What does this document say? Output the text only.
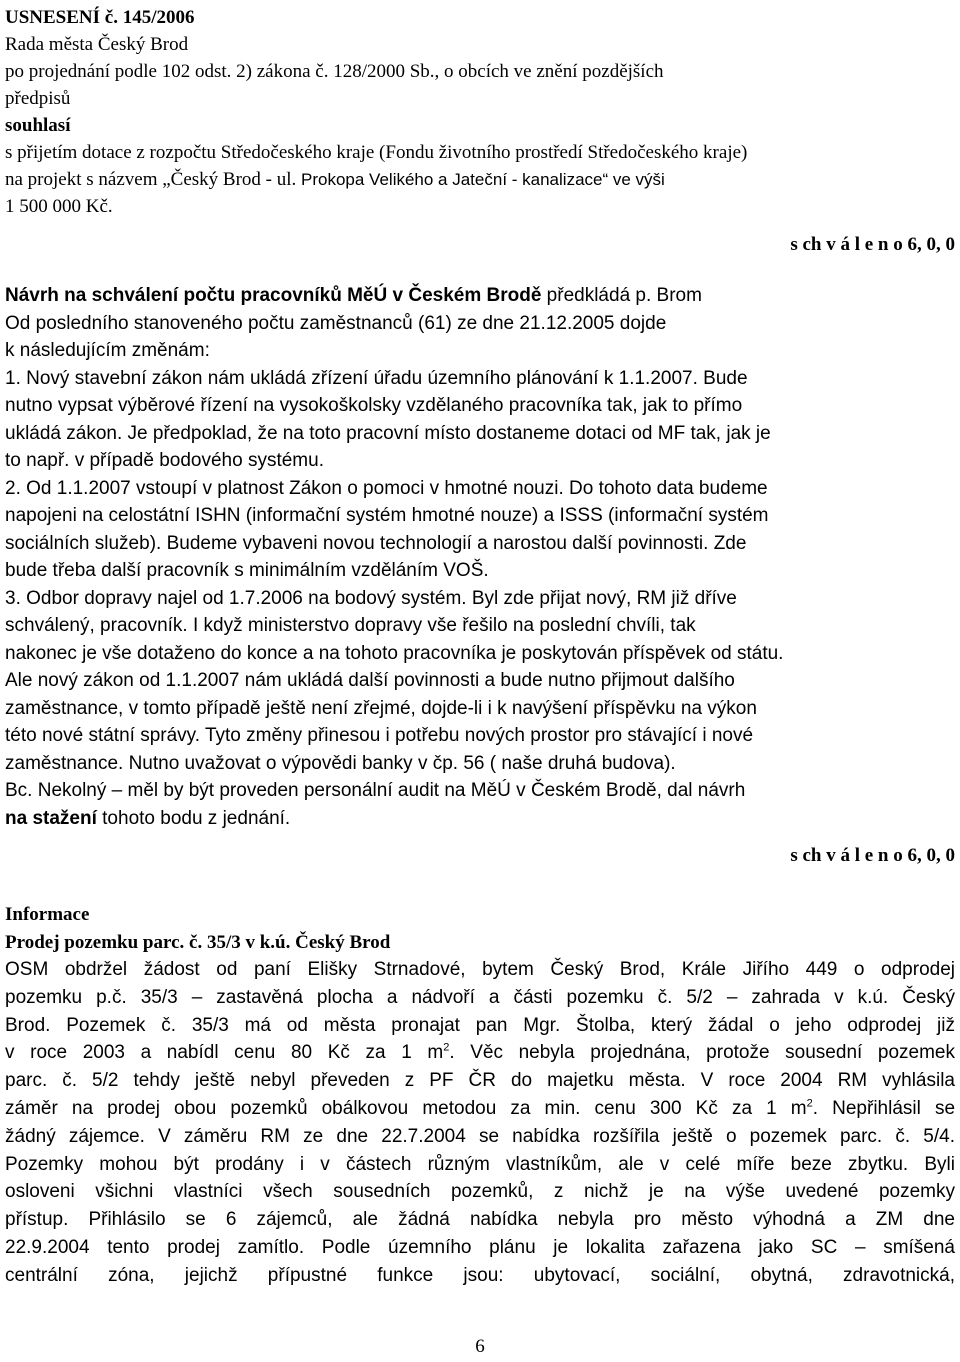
USNESENÍ č. 145/2006
Rada města Český Brod
po projednání podle 102 odst. 2) zákona č. 128/2000 Sb., o obcích ve znění pozdějších
předpisů
souhlasí
s přijetím dotace z rozpočtu Středočeského kraje (Fondu životního prostředí Středočeského kraje)
na projekt s názvem „Český Brod - ul. Prokopa Velikého a Jateční - kanalizace“ ve výši
1 500 000 Kč.
s ch v á l e n o 6, 0, 0
Návrh na schválení počtu pracovníků MěÚ v Českém Brodě předkládá p. Brom
Od posledního stanoveného počtu zaměstnanců (61) ze dne 21.12.2005 dojde
k následujícím změnám:
1. Nový stavební zákon nám ukládá zřízení úřadu územního plánování k 1.1.2007. Bude
nutno vypsat výběrové řízení na vysokoškolsky vzdělaného pracovníka tak, jak to přímo
ukládá zákon. Je předpoklad, že na toto pracovní místo dostaneme dotaci od MF tak, jak je
to např. v případě bodového systému.
2. Od 1.1.2007 vstoupí v platnost Zákon o pomoci v hmotné nouzi. Do tohoto data budeme
napojeni na celostátní ISHN (informační systém hmotné nouze) a ISSS (informační systém
sociálních služeb). Budeme vybaveni novou technologií a narostou další povinnosti. Zde
bude třeba další pracovník s minimálním vzděláním VOŠ.
3. Odbor dopravy najel od 1.7.2006 na bodový systém. Byl zde přijat nový, RM již dříve
schválený, pracovník. I když ministerstvo dopravy vše řešilo na poslední chvíli, tak
nakonec je vše dotaženo do konce a na tohoto pracovníka je poskytován příspěvek od státu.
Ale nový zákon od 1.1.2007 nám ukládá další povinnosti a bude nutno přijmout dalšího
zaměstnance, v tomto případě ještě není zřejmé, dojde-li i k navýšení příspěvku na výkon
této nové státní správy. Tyto změny přinesou i potřebu nových prostor pro stávající i nové
zaměstnance. Nutno uvažovat o výpovědi banky v čp. 56 ( naše druhá budova).
Bc. Nekolný – měl by být proveden personální audit na MěÚ v Českém Brodě, dal návrh
na stažení tohoto bodu z jednání.
s ch v á l e n o 6, 0, 0
Informace
Prodej pozemku parc. č. 35/3 v k.ú. Český Brod
OSM obdržel žádost od paní Elišky Strnadové, bytem Český Brod, Krále Jiřího 449 o odprodej
pozemku p.č. 35/3 – zastavěná plocha a nádvoří a části pozemku č. 5/2 – zahrada v k.ú. Český
Brod. Pozemek č. 35/3 má od města pronajat pan Mgr. Štolba, který žádal o jeho odprodej již
v roce 2003 a nabídl cenu 80 Kč za 1 $m^2$. Věc nebyla projednána, protože sousední pozemek
parc. č. 5/2 tehdy ještě nebyl převeden z PF ČR do majetku města. V roce 2004 RM vyhlásila
záměr na prodej obou pozemků obálkovou metodou za min. cenu 300 Kč za 1 $m^2$. Nepřihlásil se
žádný zájemce. V záměru RM ze dne 22.7.2004 se nabídka rozšířila ještě o pozemek parc. č. 5/4.
Pozemky mohou být prodány i v částech různým vlastníkům, ale v celé míře beze zbytku. Byli
osloveni všichni vlastníci všech sousedních pozemků, z nichž je na výše uvedené pozemky
přístup. Přihlásilo se 6 zájemců, ale žádná nabídka nebyla pro město výhodná a ZM dne
22.9.2004 tento prodej zamítlo. Podle územního plánu je lokalita zařazena jako SC – smíšená
centrální zóna, jejichž přípustné funkce jsou: ubytovací, sociální, obytná, zdravotnická,
6
